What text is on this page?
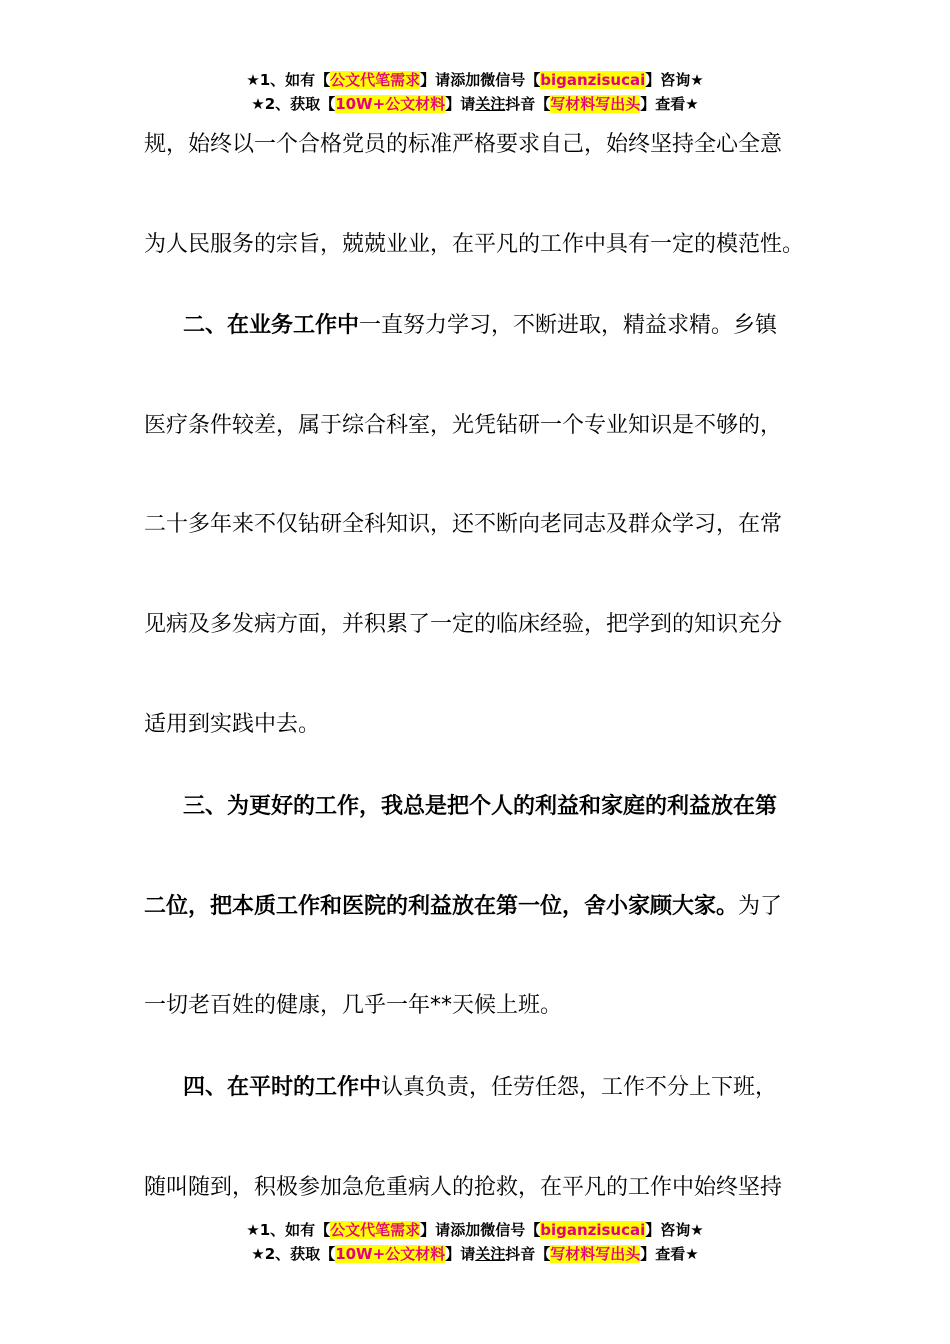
★1、如有【公文代笔需求】请添加微信号【biganzisucai】咨询★
★2、获取【10W+公文材料】请关注抖音【写材料写出头】查看★
规，始终以一个合格党员的标准严格要求自己，始终坚持全心全意
为人民服务的宗旨，兢兢业业，在平凡的工作中具有一定的模范性。
二、在业务工作中一直努力学习，不断进取，精益求精。乡镇
医疗条件较差，属于综合科室，光凭钻研一个专业知识是不够的，
二十多年来不仅钻研全科知识，还不断向老同志及群众学习，在常
见病及多发病方面，并积累了一定的临床经验，把学到的知识充分
适用到实践中去。
三、为更好的工作，我总是把个人的利益和家庭的利益放在第
二位，把本质工作和医院的利益放在第一位，舍小家顾大家。为了
一切老百姓的健康，几乎一年**天候上班。
四、在平时的工作中认真负责，任劳任怨，工作不分上下班，
随叫随到，积极参加急危重病人的抢救，在平凡的工作中始终坚持
★1、如有【公文代笔需求】请添加微信号【biganzisucai】咨询★
★2、获取【10W+公文材料】请关注抖音【写材料写出头】查看★
